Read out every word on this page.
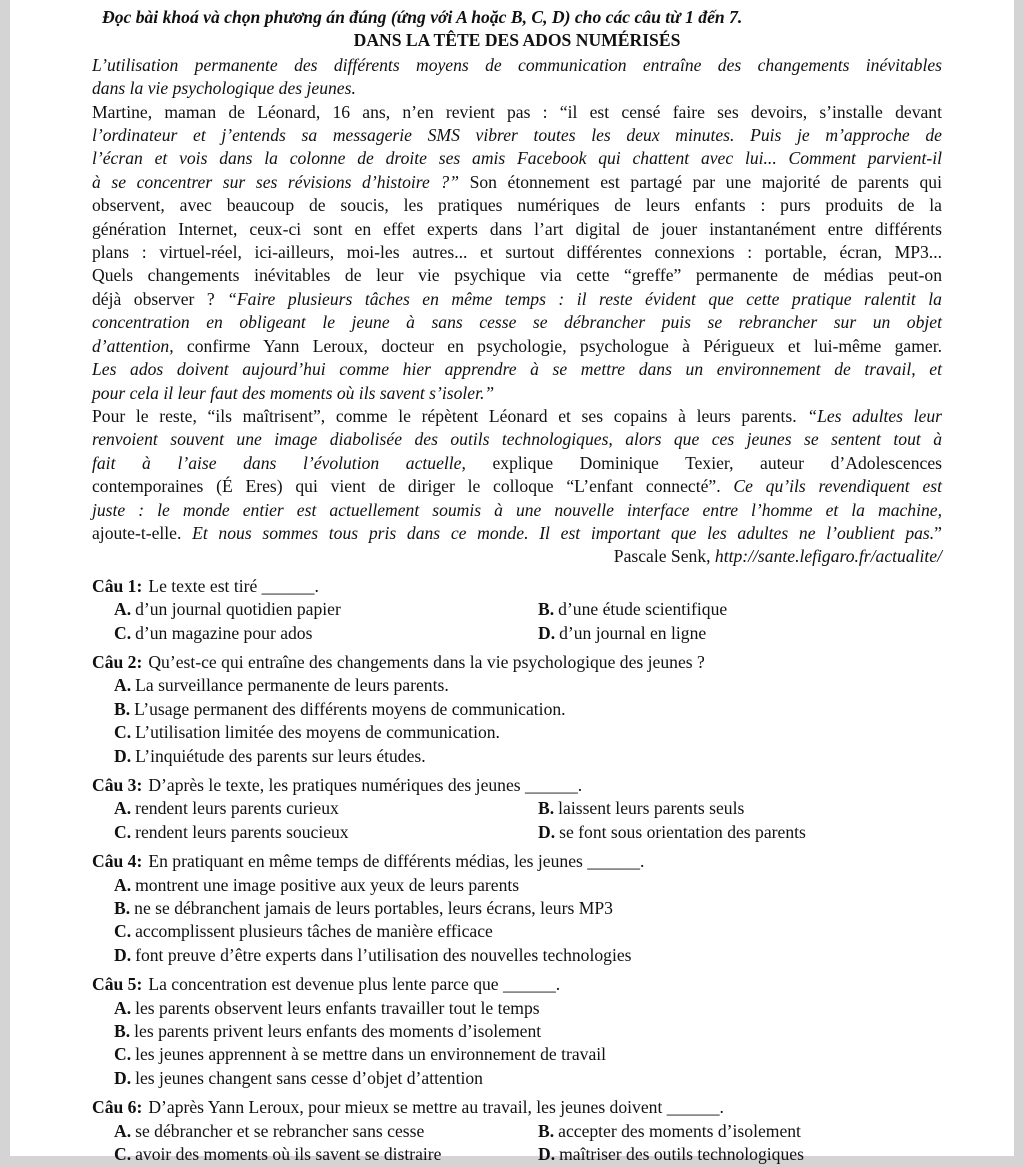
Đọc bài khoá và chọn phương án đúng (ứng với A hoặc B, C, D) cho các câu từ 1 đến 7.
DANS LA TÊTE DES ADOS NUMÉRISÉS
L’utilisation permanente des différents moyens de communication entraîne des changements inévitables
dans la vie psychologique des jeunes.
Martine, maman de Léonard, 16 ans, n’en revient pas : “il est censé faire ses devoirs, s’installe devant
l’ordinateur et j’entends sa messagerie SMS vibrer toutes les deux minutes. Puis je m’approche de
l’écran et vois dans la colonne de droite ses amis Facebook qui chattent avec lui... Comment parvient-il
à se concentrer sur ses révisions d’histoire ?” Son étonnement est partagé par une majorité de parents qui
observent, avec beaucoup de soucis, les pratiques numériques de leurs enfants : purs produits de la
génération Internet, ceux-ci sont en effet experts dans l’art digital de jouer instantanément entre différents
plans : virtuel-réel, ici-ailleurs, moi-les autres... et surtout différentes connexions : portable, écran, MP3...
Quels changements inévitables de leur vie psychique via cette “greffe” permanente de médias peut-on
déjà observer ? “Faire plusieurs tâches en même temps : il reste évident que cette pratique ralentit la
concentration en obligeant le jeune à sans cesse se débrancher puis se rebrancher sur un objet
d’attention, confirme Yann Leroux, docteur en psychologie, psychologue à Périgueux et lui-même gamer.
Les ados doivent aujourd’hui comme hier apprendre à se mettre dans un environnement de travail, et
pour cela il leur faut des moments où ils savent s’isoler.”
Pour le reste, “ils maîtrisent”, comme le répètent Léonard et ses copains à leurs parents. “Les adultes leur
renvoient souvent une image diabolisée des outils technologiques, alors que ces jeunes se sentent tout à
fait à l’aise dans l’évolution actuelle, explique Dominique Texier, auteur d’Adolescences
contemporaines (É Eres) qui vient de diriger le colloque “L’enfant connecté”. Ce qu’ils revendiquent est
juste : le monde entier est actuellement soumis à une nouvelle interface entre l’homme et la machine,
ajoute-t-elle. Et nous sommes tous pris dans ce monde. Il est important que les adultes ne l’oublient pas.”
Pascale Senk, http://sante.lefigaro.fr/actualite/
Câu 1: Le texte est tiré ______.
A. d’un journal quotidien papier	B. d’une étude scientifique
C. d’un magazine pour ados	D. d’un journal en ligne
Câu 2: Qu’est-ce qui entraîne des changements dans la vie psychologique des jeunes ?
A. La surveillance permanente de leurs parents.
B. L’usage permanent des différents moyens de communication.
C. L’utilisation limitée des moyens de communication.
D. L’inquiétude des parents sur leurs études.
Câu 3: D’après le texte, les pratiques numériques des jeunes ______.
A. rendent leurs parents curieux	B. laissent leurs parents seuls
C. rendent leurs parents soucieux	D. se font sous orientation des parents
Câu 4: En pratiquant en même temps de différents médias, les jeunes ______.
A. montrent une image positive aux yeux de leurs parents
B. ne se débranchent jamais de leurs portables, leurs écrans, leurs MP3
C. accomplissent plusieurs tâches de manière efficace
D. font preuve d’être experts dans l’utilisation des nouvelles technologies
Câu 5: La concentration est devenue plus lente parce que ______.
A. les parents observent leurs enfants travailler tout le temps
B. les parents privent leurs enfants des moments d’isolement
C. les jeunes apprennent à se mettre dans un environnement de travail
D. les jeunes changent sans cesse d’objet d’attention
Câu 6: D’après Yann Leroux, pour mieux se mettre au travail, les jeunes doivent ______.
A. se débrancher et se rebrancher sans cesse	B. accepter des moments d’isolement
C. avoir des moments où ils savent se distraire	D. maîtriser des outils technologiques
